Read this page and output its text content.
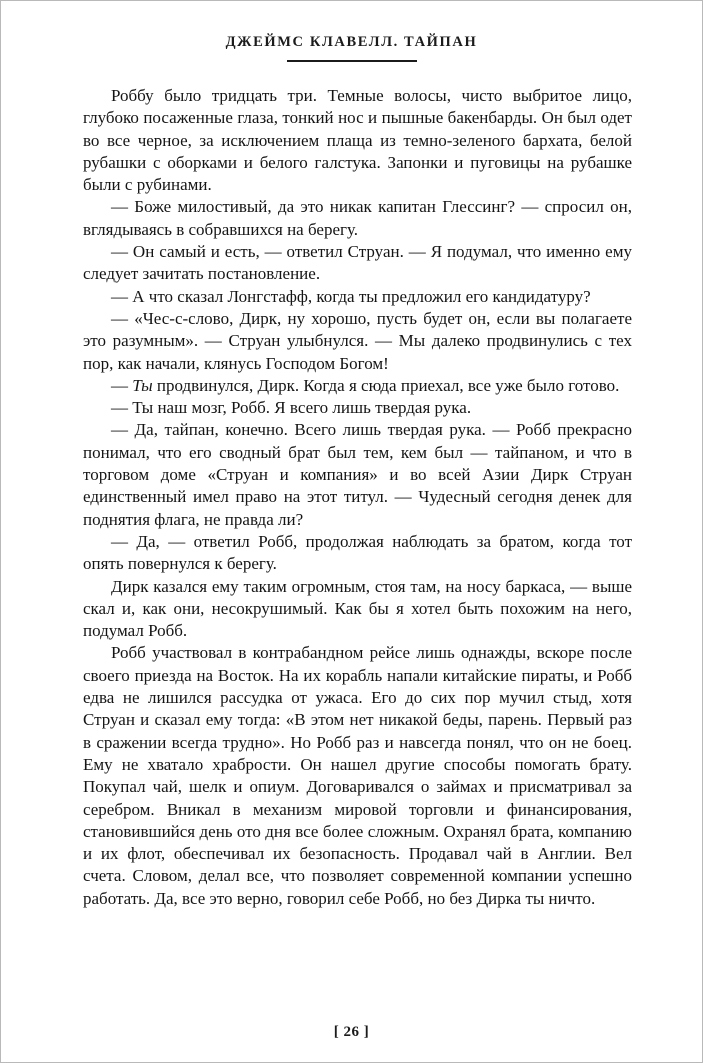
ДЖЕЙМС КЛАВЕЛЛ. ТАЙПАН

Роббу было тридцать три. Темные волосы, чисто выбритое лицо, глубоко посаженные глаза, тонкий нос и пышные бакенбарды. Он был одет во все черное, за исключением плаща из темно-зеленого бархата, белой рубашки с оборками и белого галстука. Запонки и пуговицы на рубашке были с рубинами.

— Боже милостивый, да это никак капитан Глессинг? — спросил он, вглядываясь в собравшихся на берегу.

— Он самый и есть, — ответил Струан. — Я подумал, что именно ему следует зачитать постановление.

— А что сказал Лонгстафф, когда ты предложил его кандидатуру?

— «Чес-с-слово, Дирк, ну хорошо, пусть будет он, если вы полагаете это разумным». — Струан улыбнулся. — Мы далеко продвинулись с тех пор, как начали, клянусь Господом Богом!

— Ты продвинулся, Дирк. Когда я сюда приехал, все уже было готово.

— Ты наш мозг, Робб. Я всего лишь твердая рука.

— Да, тайпан, конечно. Всего лишь твердая рука. — Робб прекрасно понимал, что его сводный брат был тем, кем был — тайпаном, и что в торговом доме «Струан и компания» и во всей Азии Дирк Струан единственный имел право на этот титул. — Чудесный сегодня денек для поднятия флага, не правда ли?

— Да, — ответил Робб, продолжая наблюдать за братом, когда тот опять повернулся к берегу.

Дирк казался ему таким огромным, стоя там, на носу баркаса, — выше скал и, как они, несокрушимый. Как бы я хотел быть похожим на него, подумал Робб.

Робб участвовал в контрабандном рейсе лишь однажды, вскоре после своего приезда на Восток. На их корабль напали китайские пираты, и Робб едва не лишился рассудка от ужаса. Его до сих пор мучил стыд, хотя Струан и сказал ему тогда: «В этом нет никакой беды, парень. Первый раз в сражении всегда трудно». Но Робб раз и навсегда понял, что он не боец. Ему не хватало храбрости. Он нашел другие способы помогать брату. Покупал чай, шелк и опиум. Договаривался о займах и присматривал за серебром. Вникал в механизм мировой торговли и финансирования, становившийся день ото дня все более сложным. Охранял брата, компанию и их флот, обеспечивал их безопасность. Продавал чай в Англии. Вел счета. Словом, делал все, что позволяет современной компании успешно работать. Да, все это верно, говорил себе Робб, но без Дирка ты ничто.

[ 26 ]
